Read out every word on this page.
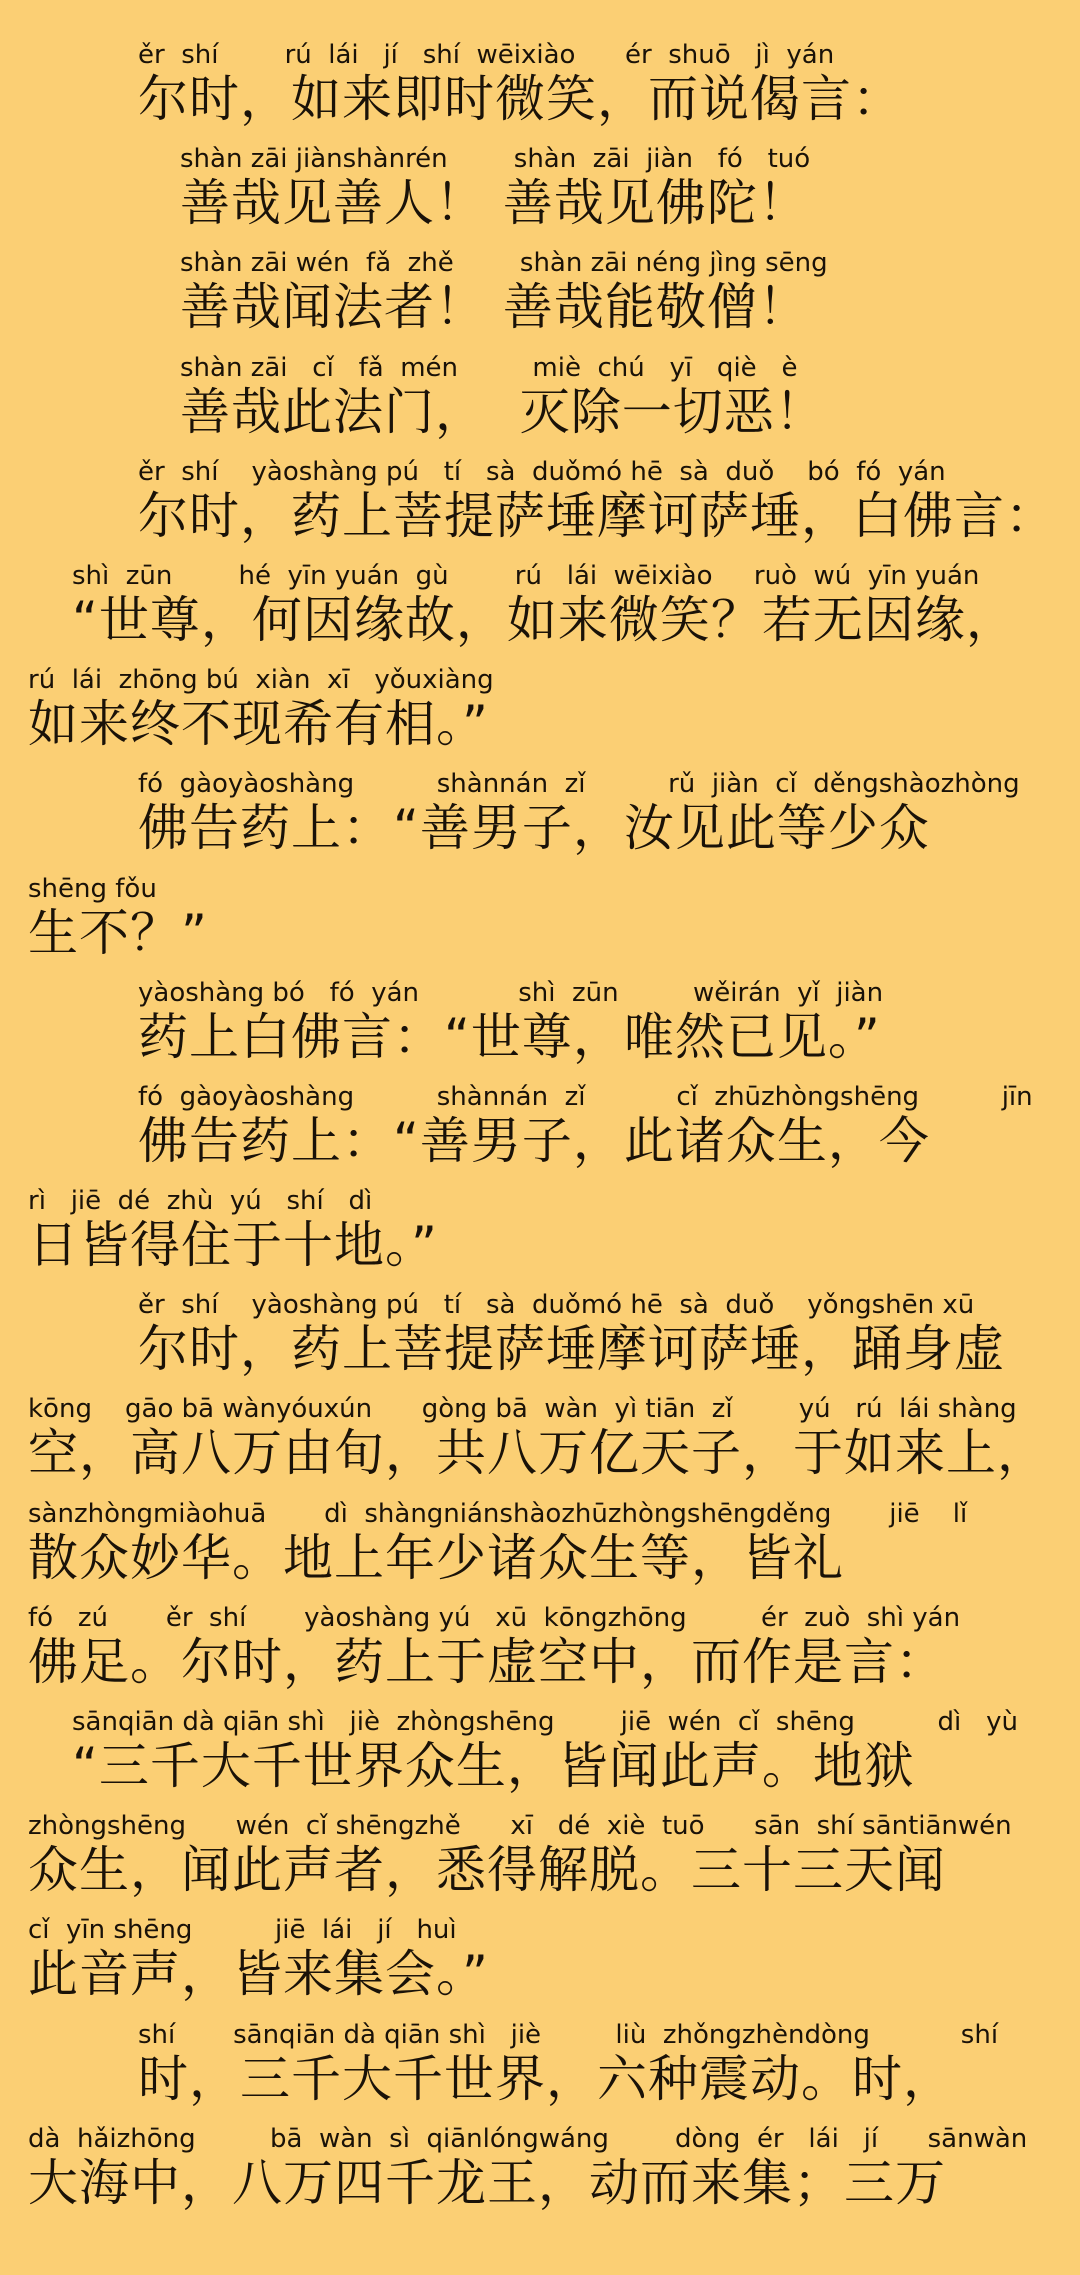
ěr  shí        rú  lái   jí   shí  wēixiào      ér  shuō   jì  yán
尔时，如来即时微笑，而说偈言：
shàn zāi jiànshànrén        shàn  zāi  jiàn   fó   tuó
善哉见善人！ 善哉见佛陀！
shàn zāi wén  fǎ  zhě        shàn zāi néng jìng sēng
善哉闻法者！ 善哉能敬僧！
shàn zāi   cǐ   fǎ  mén         miè  chú   yī   qiè   è
善哉此法门，  灭除一切恶！
ěr  shí    yàoshàng pú   tí   sà  duǒmó hē  sà  duǒ    bó  fó  yán
尔时，药上菩提萨埵摩诃萨埵，白佛言：
shì  zūn        hé  yīn yuán  gù        rú   lái  wēixiào     ruò  wú  yīn yuán
“世尊，何因缘故，如来微笑？若无因缘，
rú  lái  zhōng bú  xiàn  xī   yǒuxiàng
如来终不现希有相。”
fó  gàoyàoshàng          shànnán  zǐ          rǔ  jiàn  cǐ  děngshàozhòng
佛告药上：“善男子，汝见此等少众
shēng fǒu
生不？”
yàoshàng bó   fó  yán            shì  zūn         wěirán  yǐ  jiàn
药上白佛言：“世尊，唯然已见。”
fó  gàoyàoshàng          shànnán  zǐ           cǐ  zhūzhòngshēng          jīn
佛告药上：“善男子，此诸众生，今
rì   jiē  dé  zhù  yú   shí   dì
日皆得住于十地。”
ěr  shí    yàoshàng pú   tí   sà  duǒmó hē  sà  duǒ    yǒngshēn xū
尔时，药上菩提萨埵摩诃萨埵，踊身虚
kōng    gāo bā wànyóuxún      gòng bā  wàn  yì tiān  zǐ        yú   rú  lái shàng
空，高八万由旬，共八万亿天子，于如来上，
sànzhòngmiàohuā       dì  shàngniánshàozhūzhòngshēngděng       jiē    lǐ
散众妙华。地上年少诸众生等，皆礼
fó   zú       ěr  shí       yàoshàng yú   xū  kōngzhōng         ér  zuò  shì yán
佛足。尔时，药上于虚空中，而作是言：
sānqiān dà qiān shì   jiè  zhòngshēng        jiē  wén  cǐ  shēng          dì   yù
“三千大千世界众生，皆闻此声。地狱
zhòngshēng      wén  cǐ shēngzhě      xī   dé  xiè  tuō      sān  shí sāntiānwén
众生，闻此声者，悉得解脱。三十三天闻
cǐ  yīn shēng          jiē  lái   jí   huì
此音声，皆来集会。”
shí       sānqiān dà qiān shì   jiè         liù  zhǒngzhèndòng           shí
时，三千大千世界，六种震动。时，
dà  hǎizhōng         bā  wàn  sì  qiānlóngwáng        dòng  ér   lái   jí      sānwàn
大海中，八万四千龙王，动而来集；三万
